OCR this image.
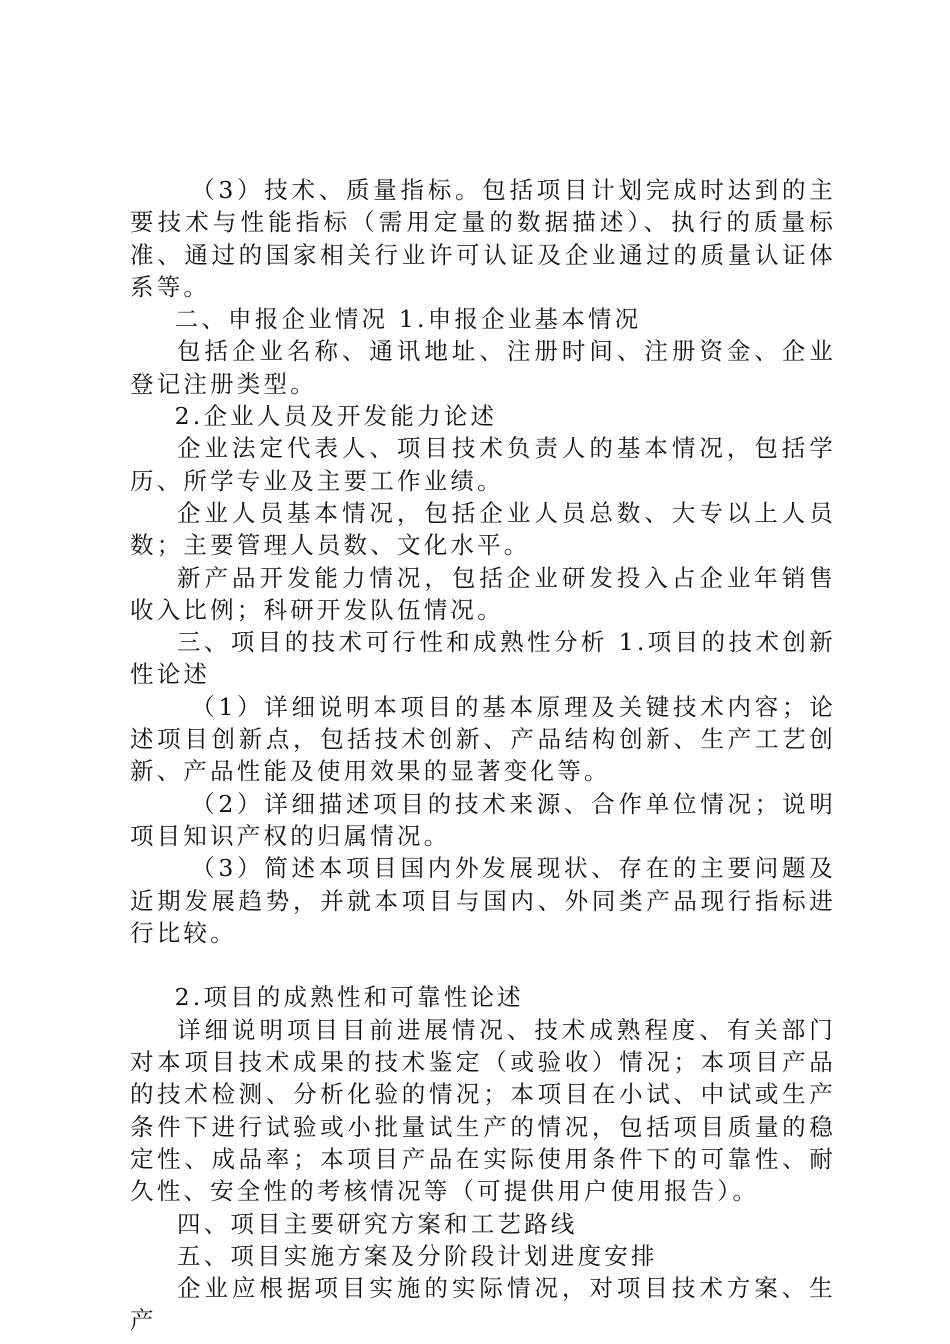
（3）技术、质量指标。包括项目计划完成时达到的主要技术与性能指标（需用定量的数据描述）、执行的质量标准、通过的国家相关行业许可认证及企业通过的质量认证体系等。

二、申报企业情况 1.申报企业基本情况

包括企业名称、通讯地址、注册时间、注册资金、企业登记注册类型。

2.企业人员及开发能力论述

企业法定代表人、项目技术负责人的基本情况，包括学历、所学专业及主要工作业绩。

企业人员基本情况，包括企业人员总数、大专以上人员数；主要管理人员数、文化水平。

新产品开发能力情况，包括企业研发投入占企业年销售收入比例；科研开发队伍情况。

三、项目的技术可行性和成熟性分析 1.项目的技术创新性论述

（1）详细说明本项目的基本原理及关键技术内容；论述项目创新点，包括技术创新、产品结构创新、生产工艺创新、产品性能及使用效果的显著变化等。

（2）详细描述项目的技术来源、合作单位情况；说明项目知识产权的归属情况。

（3）简述本项目国内外发展现状、存在的主要问题及近期发展趋势，并就本项目与国内、外同类产品现行指标进行比较。

2.项目的成熟性和可靠性论述

详细说明项目目前进展情况、技术成熟程度、有关部门对本项目技术成果的技术鉴定（或验收）情况；本项目产品的技术检测、分析化验的情况；本项目在小试、中试或生产条件下进行试验或小批量试生产的情况，包括项目质量的稳定性、成品率；本项目产品在实际使用条件下的可靠性、耐久性、安全性的考核情况等（可提供用户使用报告）。

四、项目主要研究方案和工艺路线

五、项目实施方案及分阶段计划进度安排

企业应根据项目实施的实际情况，对项目技术方案、生产
